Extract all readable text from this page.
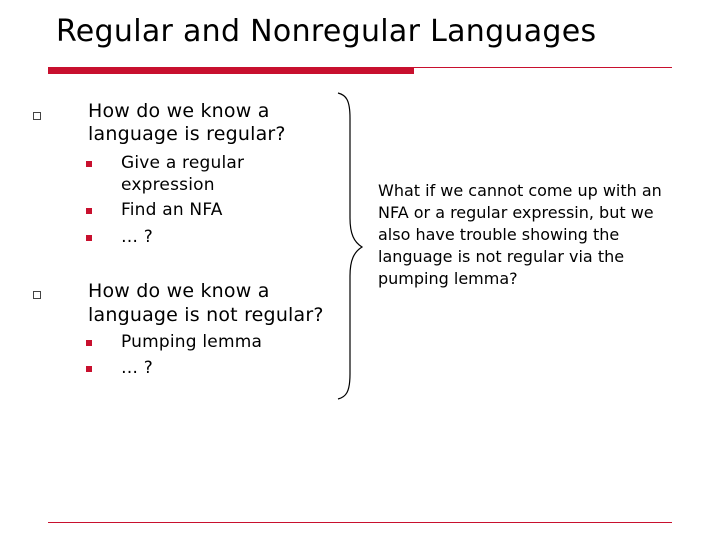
Regular and Nonregular Languages
How do we know a
language is regular?
Give a regular
expression
Find an NFA
… ?
How do we know a
language is not regular?
Pumping lemma
… ?
What if we cannot come up with an NFA or a regular expressin, but we also have trouble showing the language is not regular via the pumping lemma?
